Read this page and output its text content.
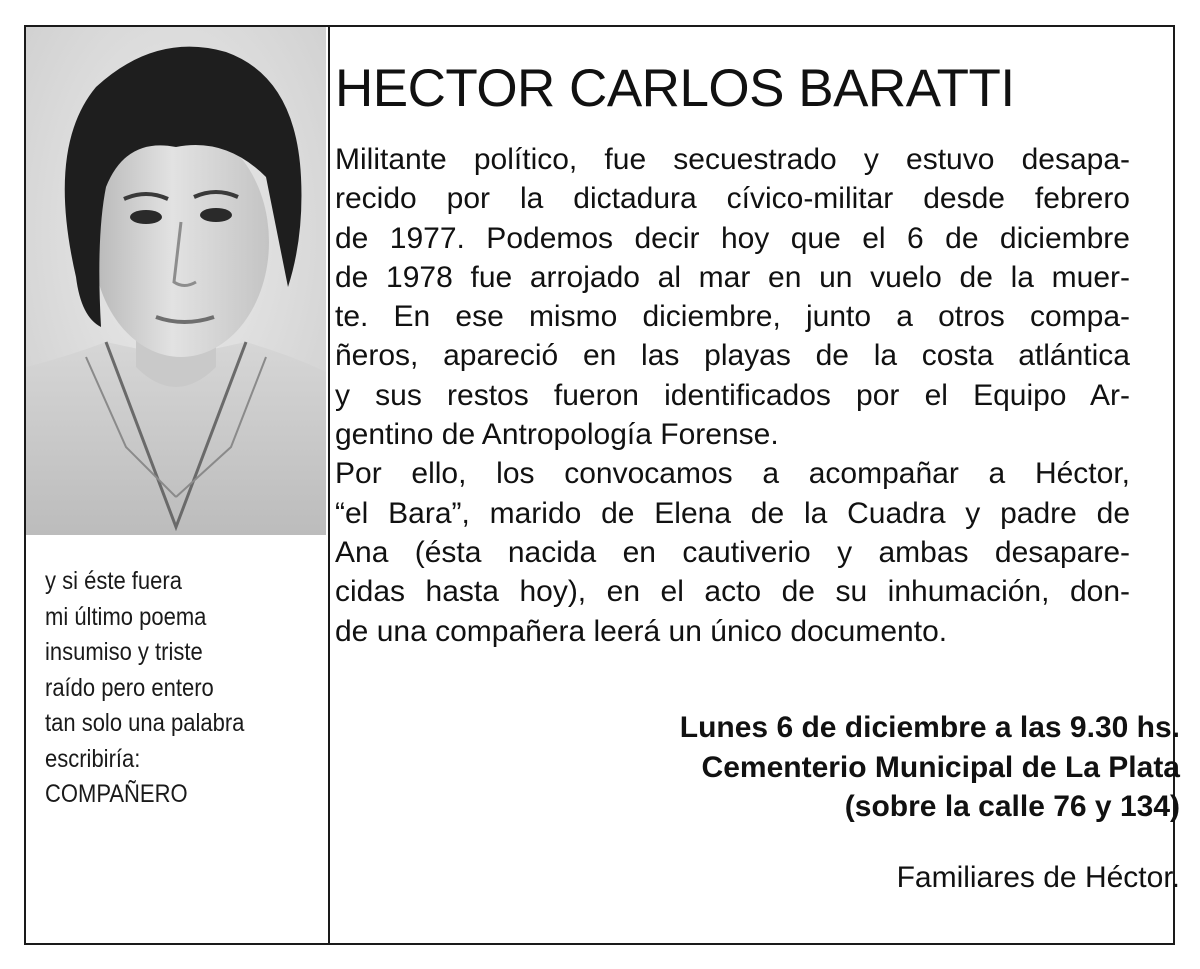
y si éste fuera
mi último poema
insumiso y triste
raído pero entero
tan solo una palabra
escribiría:
COMPAÑERO
HECTOR CARLOS BARATTI
Militante político, fue secuestrado y estuvo desapa-
recido por la dictadura cívico-militar desde febrero
de 1977. Podemos decir hoy que el 6 de diciembre
de 1978 fue arrojado al mar en un vuelo de la muer-
te. En ese mismo diciembre, junto a otros compa-
ñeros, apareció en las playas de la costa atlántica
y sus restos fueron identificados por el Equipo Ar-
gentino de Antropología Forense.
Por ello, los convocamos a acompañar a Héctor,
“el Bara”, marido de Elena de la Cuadra y padre de
Ana (ésta nacida en cautiverio y ambas desapare-
cidas hasta hoy), en el acto de su inhumación, don-
de una compañera leerá un único documento.
Lunes 6 de diciembre a las 9.30 hs.
Cementerio Municipal de La Plata
(sobre la calle 76 y 134)
Familiares de Héctor.
